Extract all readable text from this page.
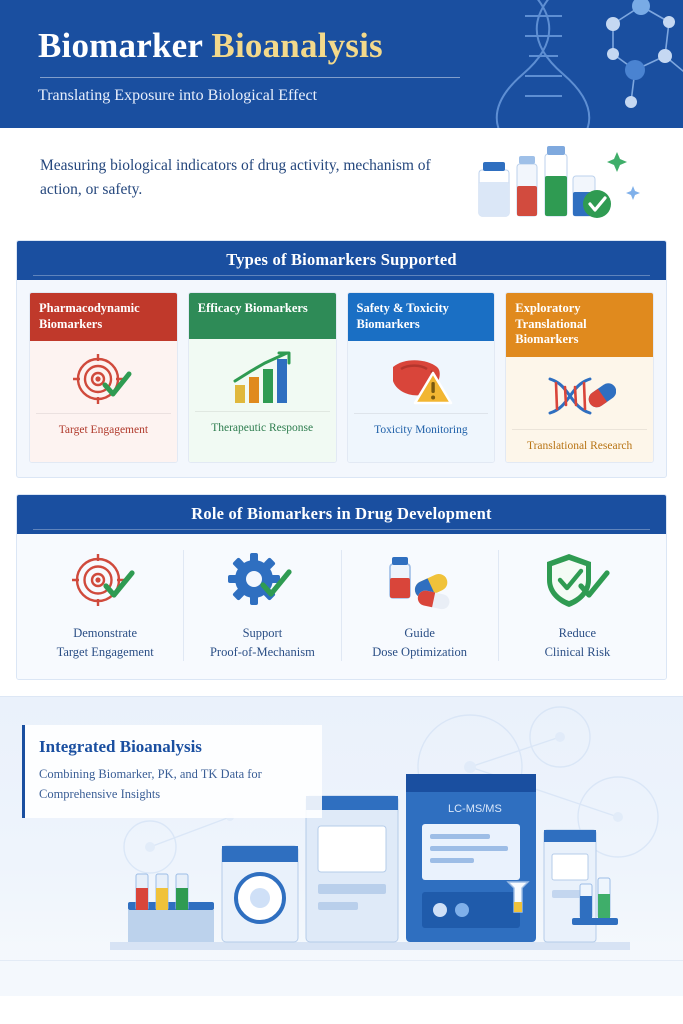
Biomarker Bioanalysis
Translating Exposure into Biological Effect

Measuring biological indicators of drug activity, mechanism of action, or safety.

Types of Biomarkers Supported
Pharmacodynamic Biomarkers
Target Engagement
Efficacy Biomarkers
Therapeutic Response
Safety & Toxicity Biomarkers
Toxicity Monitoring
Exploratory Translational Biomarkers
Translational Research
Role of Biomarkers in Drug Development
Demonstrate
Target Engagement
Support
Proof-of-Mechanism
Guide
Dose Optimization
Reduce
Clinical Risk
LC-MS/MS
Integrated Bioanalysis

Combining Biomarker, PK, and TK Data for Comprehensive Insights
